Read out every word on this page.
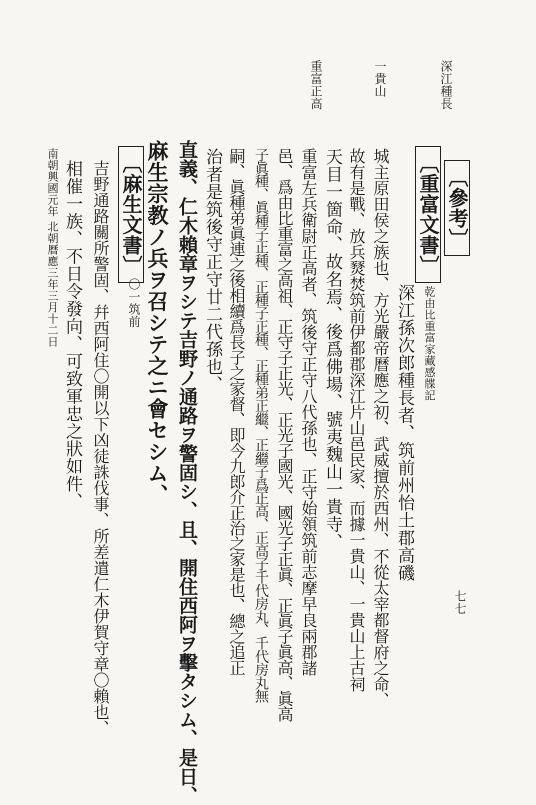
深江種長
一貴山
重富正高
〔參考〕
〔重富文書〕
乾由比重富家藏感牒記
深江孫次郎種長者、筑前州怡土郡高磯
城主原田侯之族也、方光嚴帝曆應之初、武威擅於西州、不從太宰都督府之命、
故有是戰、放兵燹焚筑前伊都郡深江片山邑民家、而據一貴山、一貴山上古祠
天目一箇命、故名焉、後爲佛場、號夷魏山一貴寺、
重富左兵衛尉正高者、筑後守正守八代孫也、正守始領筑前志摩早良兩郡諸
邑、爲由比重富之高祖、正守子正光、正光子國光、國光子正眞、正眞子眞高、眞高
子眞種、眞種子正種、正種子正種、正種弟正繼、正繼子爲正高、正高子千代房丸、千代房丸無
嗣、眞種弟眞連之後相續爲長子之家督、即今九郎介正治之家是也、總之追正
治者是筑後守正守廿二代孫也、
直義、仁木賴章ヲシテ吉野ノ通路ヲ警固シ、且、開住西阿ヲ擊タシム、是日、
麻生宗教ノ兵ヲ召シテ之ニ會セシム、
〔麻生文書〕
〇一筑前
吉野通路關所警固、幷西阿住〇開以下凶徒誅伐事、所差遣仁木伊賀守章〇賴也、
相催一族、不日令發向、可致軍忠之狀如件、
南朝興國元年 北朝曆應三年三月十二日
七七
